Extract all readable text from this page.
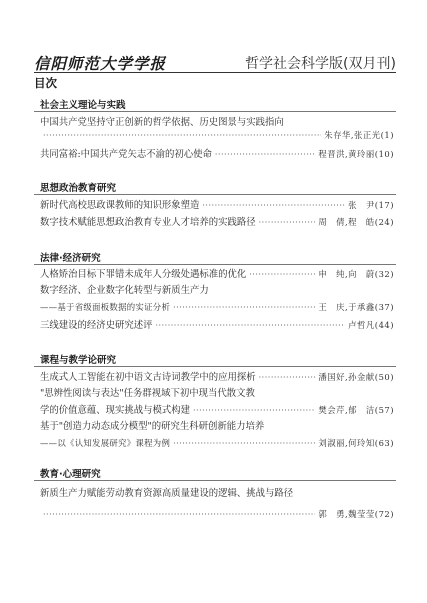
信阳师范大学学报	哲学社会科学版(双月刊)
目次
社会主义理论与实践
中国共产党坚持守正创新的哲学依据、历史图景与实践指向
·····
朱存华,张正光(1)
共同富裕:中国共产党矢志不渝的初心使命 ·····	程晋洪,黄玲丽(10)
思想政治教育研究
新时代高校思政课教师的知识形象塑造 ·····	张　尹(17)
数字技术赋能思想政治教育专业人才培养的实践路径 ·····	周　倩,程　皓(24)
法律·经济研究
人格矫治目标下罪错未成年人分级处遇标准的优化 ·····	申　纯,向　蔚(32)
数字经济、企业数字化转型与新质生产力
——基于省级面板数据的实证分析 ·····	王　庆,于承鑫(37)
三线建设的经济史研究述评 ·····	卢哲凡(44)
课程与教学论研究
生成式人工智能在初中语文古诗词教学中的应用探析 ·····	潘国好,孙金献(50)
"思辨性阅读与表达"任务群视域下初中现当代散文教
学的价值意蕴、现实挑战与模式构建 ·····	樊会芹,郁　洁(57)
基于"创造力动态成分模型"的研究生科研创新能力培养
——以《认知发展研究》课程为例 ·····	刘淑丽,何玲知(63)
教育·心理研究
新质生产力赋能劳动教育资源高质量建设的逻辑、挑战与路径
·····
郭　勇,魏莹莹(72)
